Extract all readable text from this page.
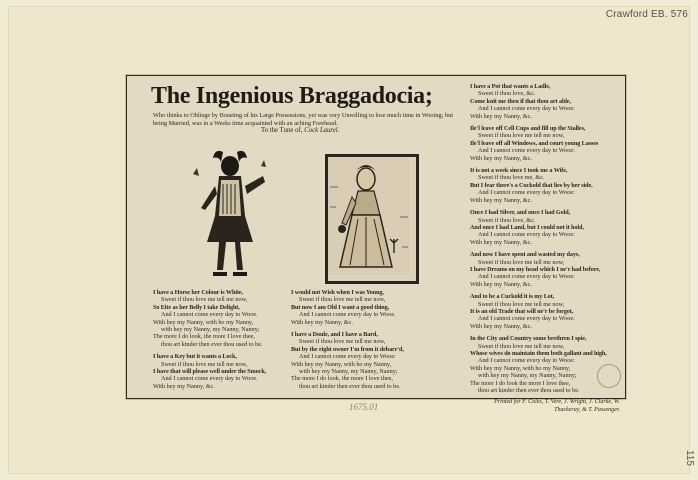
Crawford EB. 576
115
1675.01
The Ingenious Braggadocia;
Who thinks to Obliege by Boasting of his Large Possessions, yet was very Unwilling to lose much time in Wooing; but being Married, was in a Weeks time acquainted with an aching Forehead.
To the Tune of, Cock Laurel.

I have a Horse her Colour is White,
Sweet if thou love me tell me now,
So Eite as her Belly I take Delight,
And I cannot come every day to Wooe.
With hey my Nanny, with ho my Nanny,
with hey my Nanny, my Nanny, Nanny;
The more I do look, the more I love thee,
thou art kinder then ever thou used to be.

I have a Key but it wants a Lock,
Sweet if thou love me tell me now,
I have that will please well under the Smock,
And I cannot come every day to Wooe.
With hey my Nanny, &c.

I would not Wish when I was Young,
Sweet if thou love me tell me now,
But now I am Old I want a good thing,
And I cannot come every day to Wooe.
With hey my Nanny, &c.

I have a Doule, and I have a Bard,
Sweet if thou love me tell me now,
But by the right owner I'm from it debarr'd,
And I cannot come every day to Wooe:
With hey my Nanny, with ho my Nanny,
with hey my Nanny, my Nanny, Nanny;
The more I do look, the more I love thee,
thou art kinder then ever thou used to be.

I have a Pot that wants a Ladle,
Sweet if thou love, &c.
Come knit me then if that thou art able,
And I cannot come every day to Wooe:
With hey my Nanny, &c.

Ile'l leave off Cell Cups and fill up the Stalles,
Sweet if thou love me tell me now,
Ile'l leave off all Windows, and court young Lasses
And I cannot come every day to Wooe:
With hey my Nanny, &c.

It is not a week since I took me a Wife,
Sweet if thou love me, &c.
But I fear there's a Cuckold that lies by her side,
And I cannot come every day to Wooe:
With hey my Nanny, &c.

Once I had Silver, and once I had Gold,
Sweet if thou love, &c.
And once I had Land, but I could not it hold,
And I cannot come every day to Wooe:
With hey my Nanny, &c.

And now I have spent and wasted my days,
Sweet if thou love me tell me now,
I have Dreams on my head which I ne'r had before,
And I cannot come every day to Wooe:
With hey my Nanny, &c.

And to be a Cuckold it is my Lot,
Sweet if thou love me tell me now,
It is an old Trade that will ne'r be forgot,
And I cannot come every day to Wooe:
With hey my Nanny, &c.

In the City and Country some brethren I spie,
Sweet if thou love me tell me now,
Whose wives do maintain them both gallant and high,
And I cannot come every day to Wooe:
With hey my Nanny, with ho my Nanny,
with hey my Nanny, my Nanny, Nanny;
The more I do look the more I love thee,
thou art kinder then ever thou used to be.

Printed for F. Coles, T. Vere, J. Wright, J. Clarke, W. Thackeray, & T. Passenger.
